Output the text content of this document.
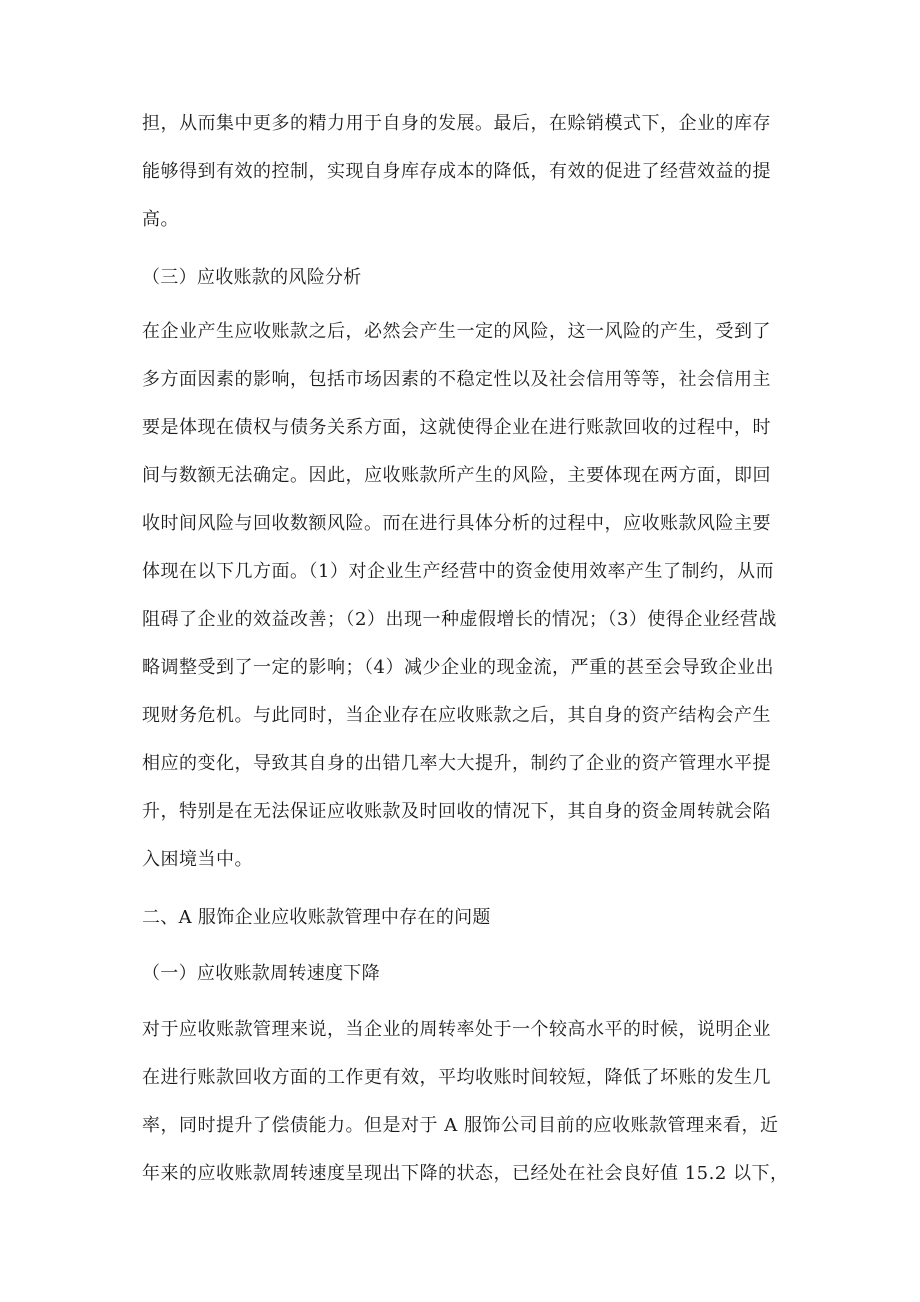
担，从而集中更多的精力用于自身的发展。最后，在赊销模式下，企业的库存
能够得到有效的控制，实现自身库存成本的降低，有效的促进了经营效益的提
高。
（三）应收账款的风险分析
在企业产生应收账款之后，必然会产生一定的风险，这一风险的产生，受到了
多方面因素的影响，包括市场因素的不稳定性以及社会信用等等，社会信用主
要是体现在债权与债务关系方面，这就使得企业在进行账款回收的过程中，时
间与数额无法确定。因此，应收账款所产生的风险，主要体现在两方面，即回
收时间风险与回收数额风险。而在进行具体分析的过程中，应收账款风险主要
体现在以下几方面。（1）对企业生产经营中的资金使用效率产生了制约，从而
阻碍了企业的效益改善；（2）出现一种虚假增长的情况；（3）使得企业经营战
略调整受到了一定的影响；（4）减少企业的现金流，严重的甚至会导致企业出
现财务危机。与此同时，当企业存在应收账款之后，其自身的资产结构会产生
相应的变化，导致其自身的出错几率大大提升，制约了企业的资产管理水平提
升，特别是在无法保证应收账款及时回收的情况下，其自身的资金周转就会陷
入困境当中。
二、A 服饰企业应收账款管理中存在的问题
（一）应收账款周转速度下降
对于应收账款管理来说，当企业的周转率处于一个较高水平的时候，说明企业
在进行账款回收方面的工作更有效，平均收账时间较短，降低了坏账的发生几
率，同时提升了偿债能力。但是对于 A 服饰公司目前的应收账款管理来看，近
年来的应收账款周转速度呈现出下降的状态，已经处在社会良好值 15.2 以下，
